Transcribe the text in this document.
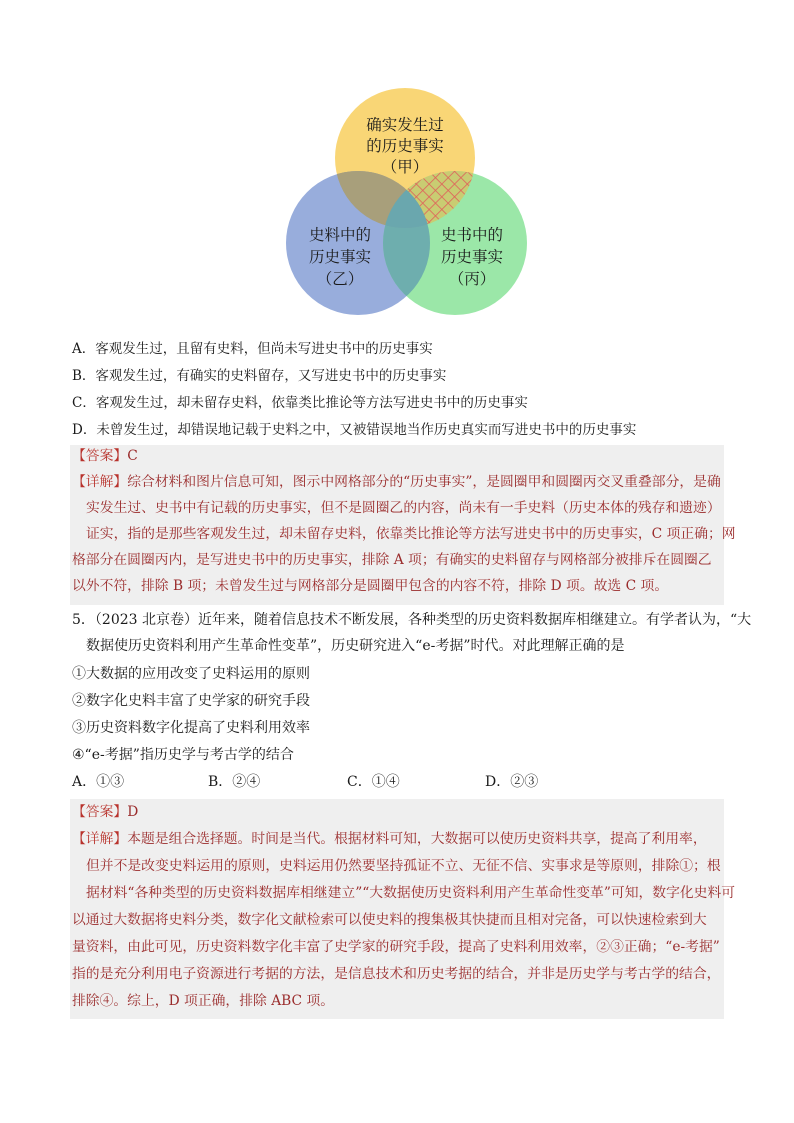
确实发生过
的历史事实
（甲）
史料中的
历史事实
（乙）
史书中的
历史事实
（丙）
A．客观发生过，且留有史料，但尚未写进史书中的历史事实
B．客观发生过，有确实的史料留存，又写进史书中的历史事实
C．客观发生过，却未留存史料，依靠类比推论等方法写进史书中的历史事实
D．未曾发生过，却错误地记载于史料之中，又被错误地当作历史真实而写进史书中的历史事实
【答案】C
【详解】综合材料和图片信息可知，图示中网格部分的“历史事实”，是圆圈甲和圆圈丙交叉重叠部分，是确
实发生过、史书中有记载的历史事实，但不是圆圈乙的内容，尚未有一手史料（历史本体的残存和遗迹）
证实，指的是那些客观发生过，却未留存史料，依靠类比推论等方法写进史书中的历史事实，C 项正确；网
格部分在圆圈丙内，是写进史书中的历史事实，排除 A 项；有确实的史料留存与网格部分被排斥在圆圈乙
以外不符，排除 B 项；未曾发生过与网格部分是圆圈甲包含的内容不符，排除 D 项。故选 C 项。
5．（2023 北京卷）近年来，随着信息技术不断发展，各种类型的历史资料数据库相继建立。有学者认为，“大
数据使历史资料利用产生革命性变革”，历史研究进入“e-考据”时代。对此理解正确的是
①大数据的应用改变了史料运用的原则
②数字化史料丰富了史学家的研究手段
③历史资料数字化提高了史料利用效率
④“e-考据”指历史学与考古学的结合
A．①③	B．②④	C．①④	D．②③
【答案】D
【详解】本题是组合选择题。时间是当代。根据材料可知，大数据可以使历史资料共享，提高了利用率，
但并不是改变史料运用的原则，史料运用仍然要坚持孤证不立、无征不信、实事求是等原则，排除①；根
据材料“各种类型的历史资料数据库相继建立”“大数据使历史资料利用产生革命性变革”可知，数字化史料可
以通过大数据将史料分类，数字化文献检索可以使史料的搜集极其快捷而且相对完备，可以快速检索到大
量资料，由此可见，历史资料数字化丰富了史学家的研究手段，提高了史料利用效率，②③正确；“e-考据”
指的是充分利用电子资源进行考据的方法，是信息技术和历史考据的结合，并非是历史学与考古学的结合，
排除④。综上，D 项正确，排除 ABC 项。
